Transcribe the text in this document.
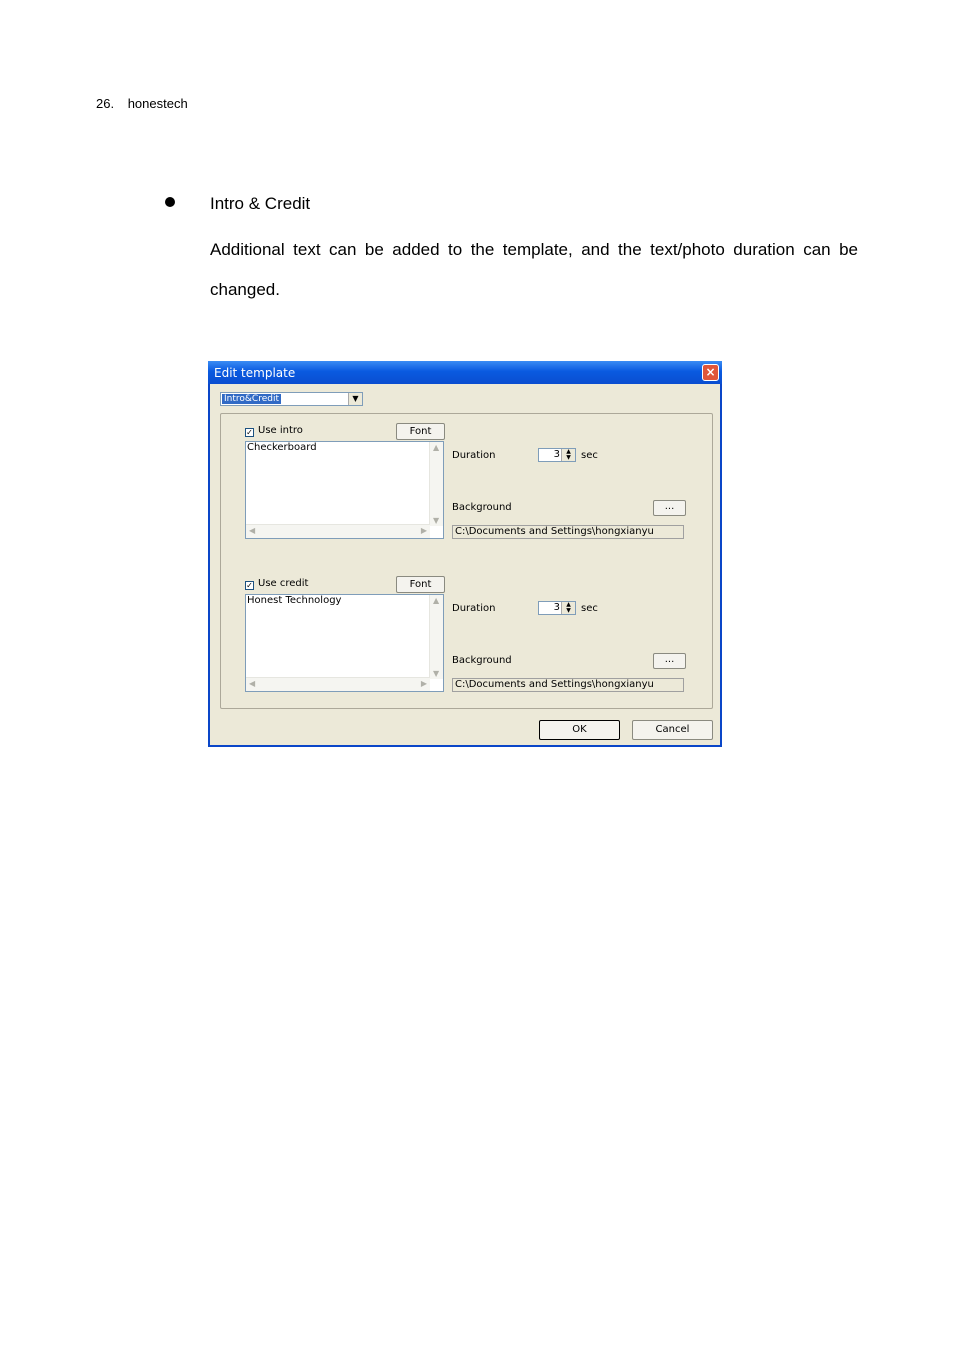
26. honestech
Intro & Credit
Additional text can be added to the template, and the text/photo duration can be changed.
Edit template	×
Intro&Credit	▼
✓ Use intro	Font
Checkerboard	▲
▼
◀	▶
Duration	3	▲
▼	sec
Background	...
C:\Documents and Settings\hongxianyu
✓ Use credit	Font
Honest Technology	▲
▼
◀	▶
Duration	3	▲
▼	sec
Background	...
C:\Documents and Settings\hongxianyu
OK	Cancel
